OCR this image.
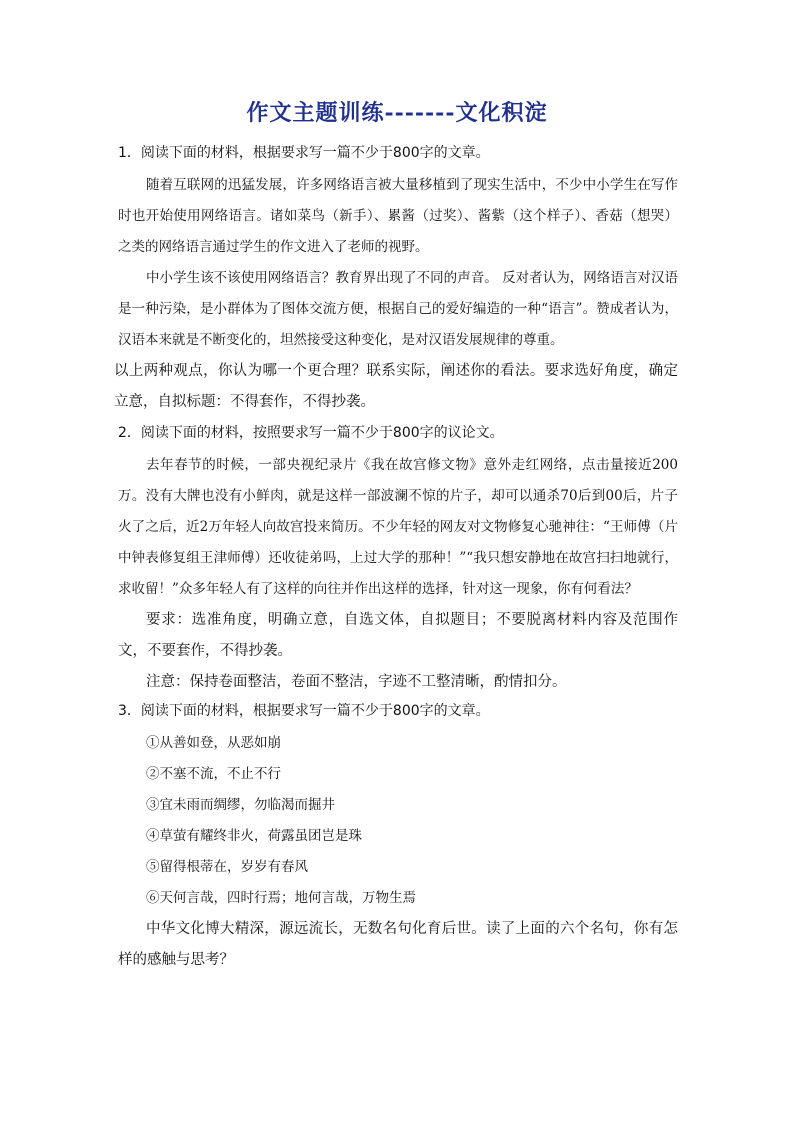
作文主题训练-------文化积淀

1．阅读下面的材料，根据要求写一篇不少于800字的文章。

随着互联网的迅猛发展，许多网络语言被大量移植到了现实生活中，不少中小学生在写作时也开始使用网络语言。诸如菜鸟（新手）、累酱（过奖）、酱紫（这个样子）、香菇（想哭）之类的网络语言通过学生的作文进入了老师的视野。

中小学生该不该使用网络语言？教育界出现了不同的声音。 反对者认为，网络语言对汉语是一种污染，是小群体为了图体交流方便，根据自己的爱好编造的一种“语言”。赞成者认为，汉语本来就是不断变化的，坦然接受这种变化，是对汉语发展规律的尊重。

以上两种观点，你认为哪一个更合理？联系实际，阐述你的看法。要求选好角度，确定立意，自拟标题：不得套作，不得抄袭。

2．阅读下面的材料，按照要求写一篇不少于800字的议论文。

去年春节的时候，一部央视纪录片《我在故宫修文物》意外走红网络，点击量接近200万。没有大牌也没有小鲜肉，就是这样一部波澜不惊的片子，却可以通杀70后到00后，片子火了之后，近2万年轻人向故宫投来简历。不少年轻的网友对文物修复心驰神往：“王师傅（片中钟表修复组王津师傅）还收徒弟吗，上过大学的那种！”“我只想安静地在故宫扫扫地就行，求收留！”众多年轻人有了这样的向往并作出这样的选择，针对这一现象，你有何看法？

要求：选准角度，明确立意，自选文体，自拟题目；不要脱离材料内容及范围作文，不要套作，不得抄袭。

注意：保持卷面整洁，卷面不整洁，字迹不工整清晰，酌情扣分。

3．阅读下面的材料，根据要求写一篇不少于800字的文章。

①从善如登，从恶如崩

②不塞不流，不止不行

③宜未雨而绸缪，勿临渴而掘井

④草萤有耀终非火，荷露虽团岂是珠

⑤留得根蒂在，岁岁有春风

⑥天何言哉，四时行焉；地何言哉，万物生焉

中华文化博大精深，源远流长，无数名句化育后世。读了上面的六个名句，你有怎样的感触与思考？
